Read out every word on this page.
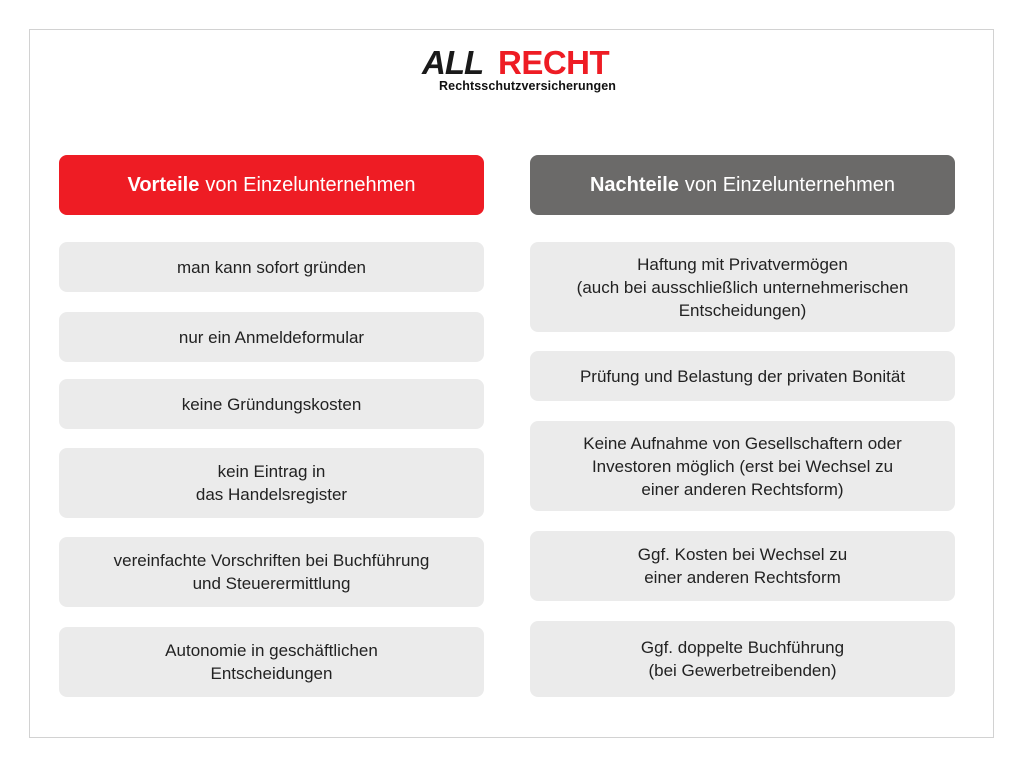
ALL RECHT
Rechtsschutzversicherungen
Vorteile von Einzelunternehmen	Nachteile von Einzelunternehmen
man kann sofort gründen
nur ein Anmeldeformular
keine Gründungskosten
kein Eintrag in
das Handelsregister
vereinfachte Vorschriften bei Buchführung
und Steuerermittlung
Autonomie in geschäftlichen
Entscheidungen
Haftung mit Privatvermögen
(auch bei ausschließlich unternehmerischen
Entscheidungen)
Prüfung und Belastung der privaten Bonität
Keine Aufnahme von Gesellschaftern oder
Investoren möglich (erst bei Wechsel zu
einer anderen Rechtsform)
Ggf. Kosten bei Wechsel zu
einer anderen Rechtsform
Ggf. doppelte Buchführung
(bei Gewerbetreibenden)
